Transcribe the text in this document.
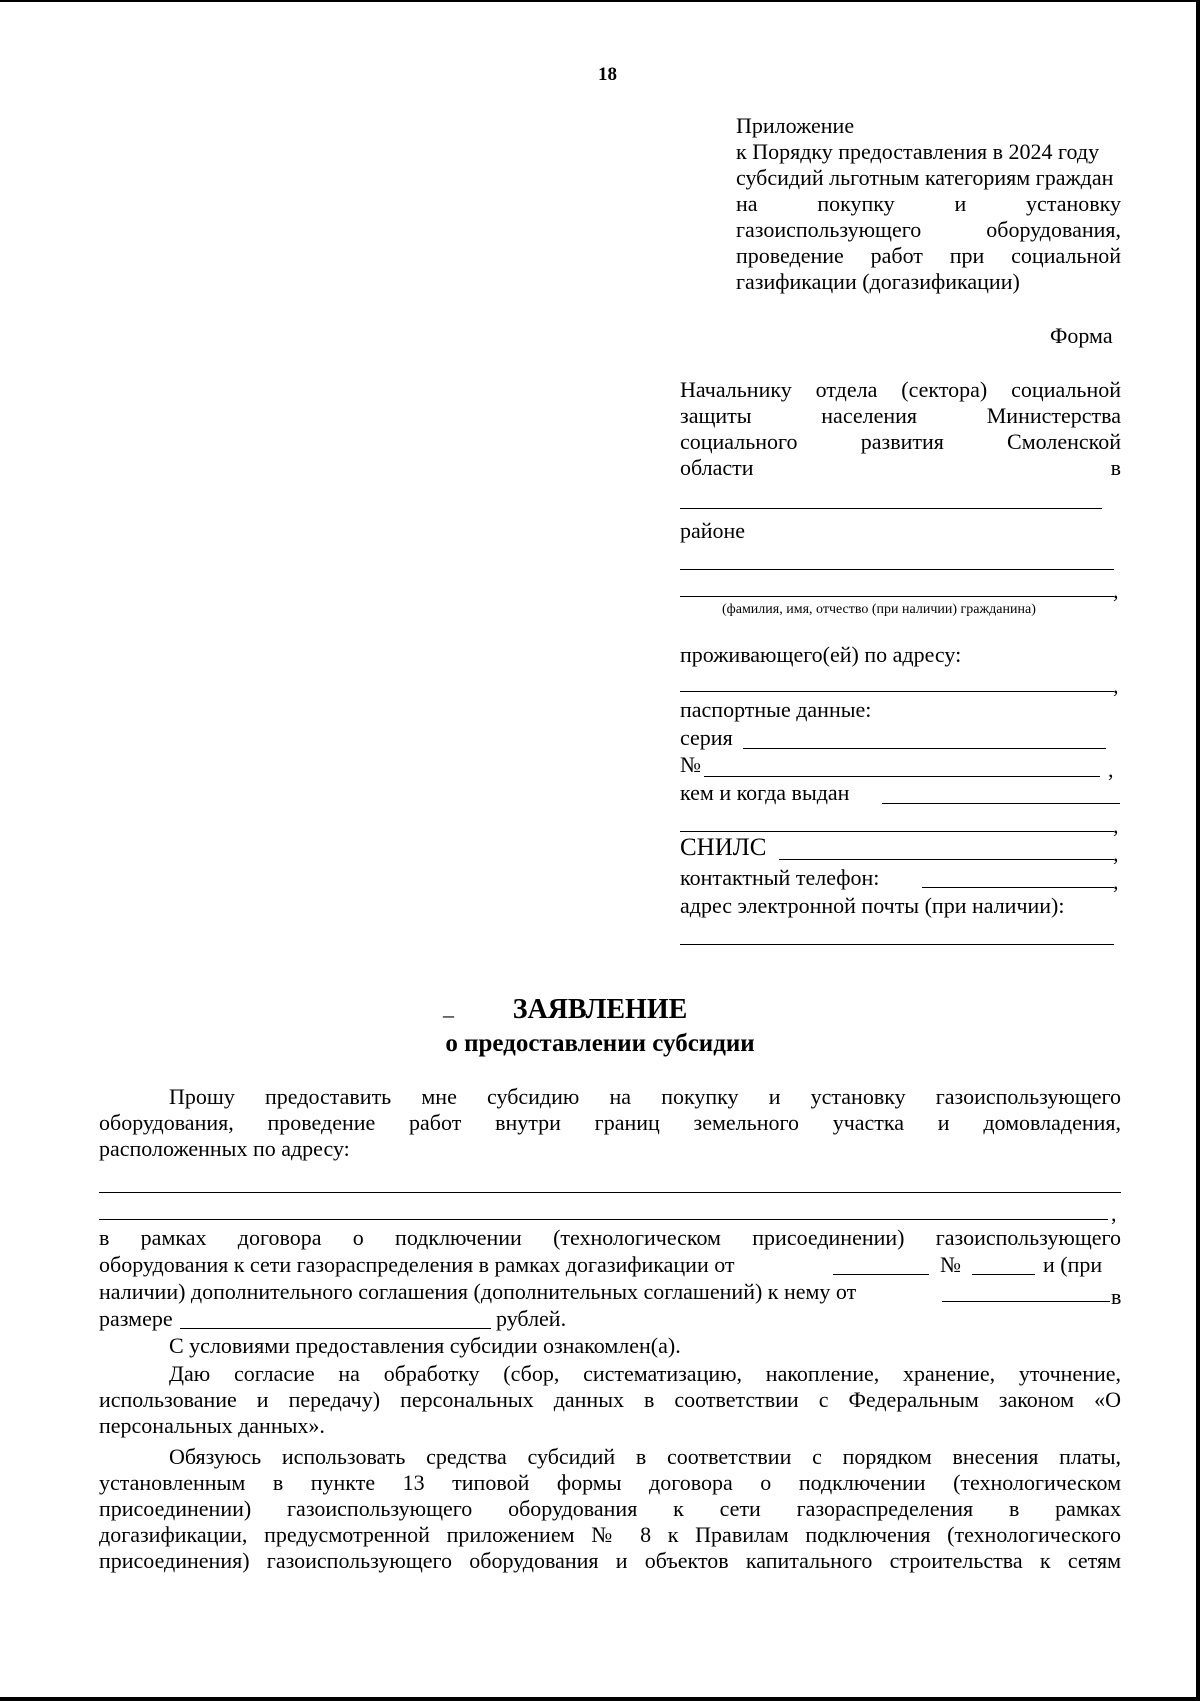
18
Приложение
к Порядку предоставления в 2024 году
субсидий льготным категориям граждан
на покупку и установку
газоиспользующего оборудования,
проведение работ при социальной
газификации (догазификации)
Форма
Начальнику отдела (сектора) социальной
защиты населения Министерства
социального развития Смоленской
области	в
районе
,
(фамилия, имя, отчество (при наличии) гражданина)
проживающего(ей) по адресу:
,
паспортные данные:
серия
№	,
кем и когда выдан
,
СНИЛС	,
контактный телефон:	,
адрес электронной почты (при наличии):
–	ЗАЯВЛЕНИЕ
о предоставлении субсидии
Прошу предоставить мне субсидию на покупку и установку газоиспользующего
оборудования, проведение работ внутри границ земельного участка и домовладения,
расположенных по адресу:
,
в рамках договора о подключении (технологическом присоединении) газоиспользующего
оборудования к сети газораспределения в рамках догазификации от	№	и (при
наличии) дополнительного соглашения (дополнительных соглашений) к нему от	в
размере	рублей.
С условиями предоставления субсидии ознакомлен(а).
Даю согласие на обработку (сбор, систематизацию, накопление, хранение, уточнение,
использование и передачу) персональных данных в соответствии с Федеральным законом «О
персональных данных».
Обязуюсь использовать средства субсидий в соответствии с порядком внесения платы,
установленным в пункте 13 типовой формы договора о подключении (технологическом
присоединении) газоиспользующего оборудования к сети газораспределения в рамках
догазификации, предусмотренной приложением № 8 к Правилам подключения (технологического
присоединения) газоиспользующего оборудования и объектов капитального строительства к сетям
